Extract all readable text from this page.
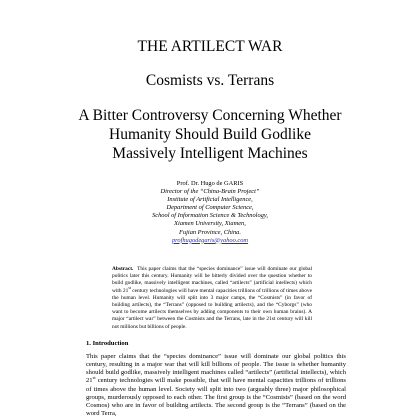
THE ARTILECT WAR
Cosmists vs. Terrans
A Bitter Controversy Concerning Whether
Humanity Should Build Godlike
Massively Intelligent Machines
Prof. Dr. Hugo de GARIS
Director of the “China-Brain Project”
Institute of Artificial Intelligence,
Department of Computer Science,
School of Information Science & Technology,
Xiamen University, Xiamen,
Fujian Province, China.
profhugodegaris@yahoo.com
Abstract. This paper claims that the “species dominance” issue will dominate our global politics later this century. Humanity will be bitterly divided over the question whether to build godlike, massively intelligent machines, called “artilects” (artificial intellects) which with 21st century technologies will have mental capacities trillions of trillions of times above the human level. Humanity will split into 3 major camps, the “Cosmists” (in favor of building artilects), the “Terrans” (opposed to building artilects), and the “Cyborgs” (who want to become artilects themselves by adding components to their own human brains). A major “artilect war” between the Cosmists and the Terrans, late in the 21st century will kill not millions but billions of people.
1. Introduction
This paper claims that the “species dominance” issue will dominate our global politics this century, resulting in a major war that will kill billions of people. The issue is whether humanity should build godlike, massively intelligent machines called “artilects” (artificial intellects), which 21st century technologies will make possible, that will have mental capacities trillions of trillions of times above the human level. Society will split into two (arguably three) major philosophical groups, murderously opposed to each other. The first group is the “Cosmists” (based on the word Cosmos) who are in favor of building artilects. The second group is the “Terrans” (based on the word Terra,
